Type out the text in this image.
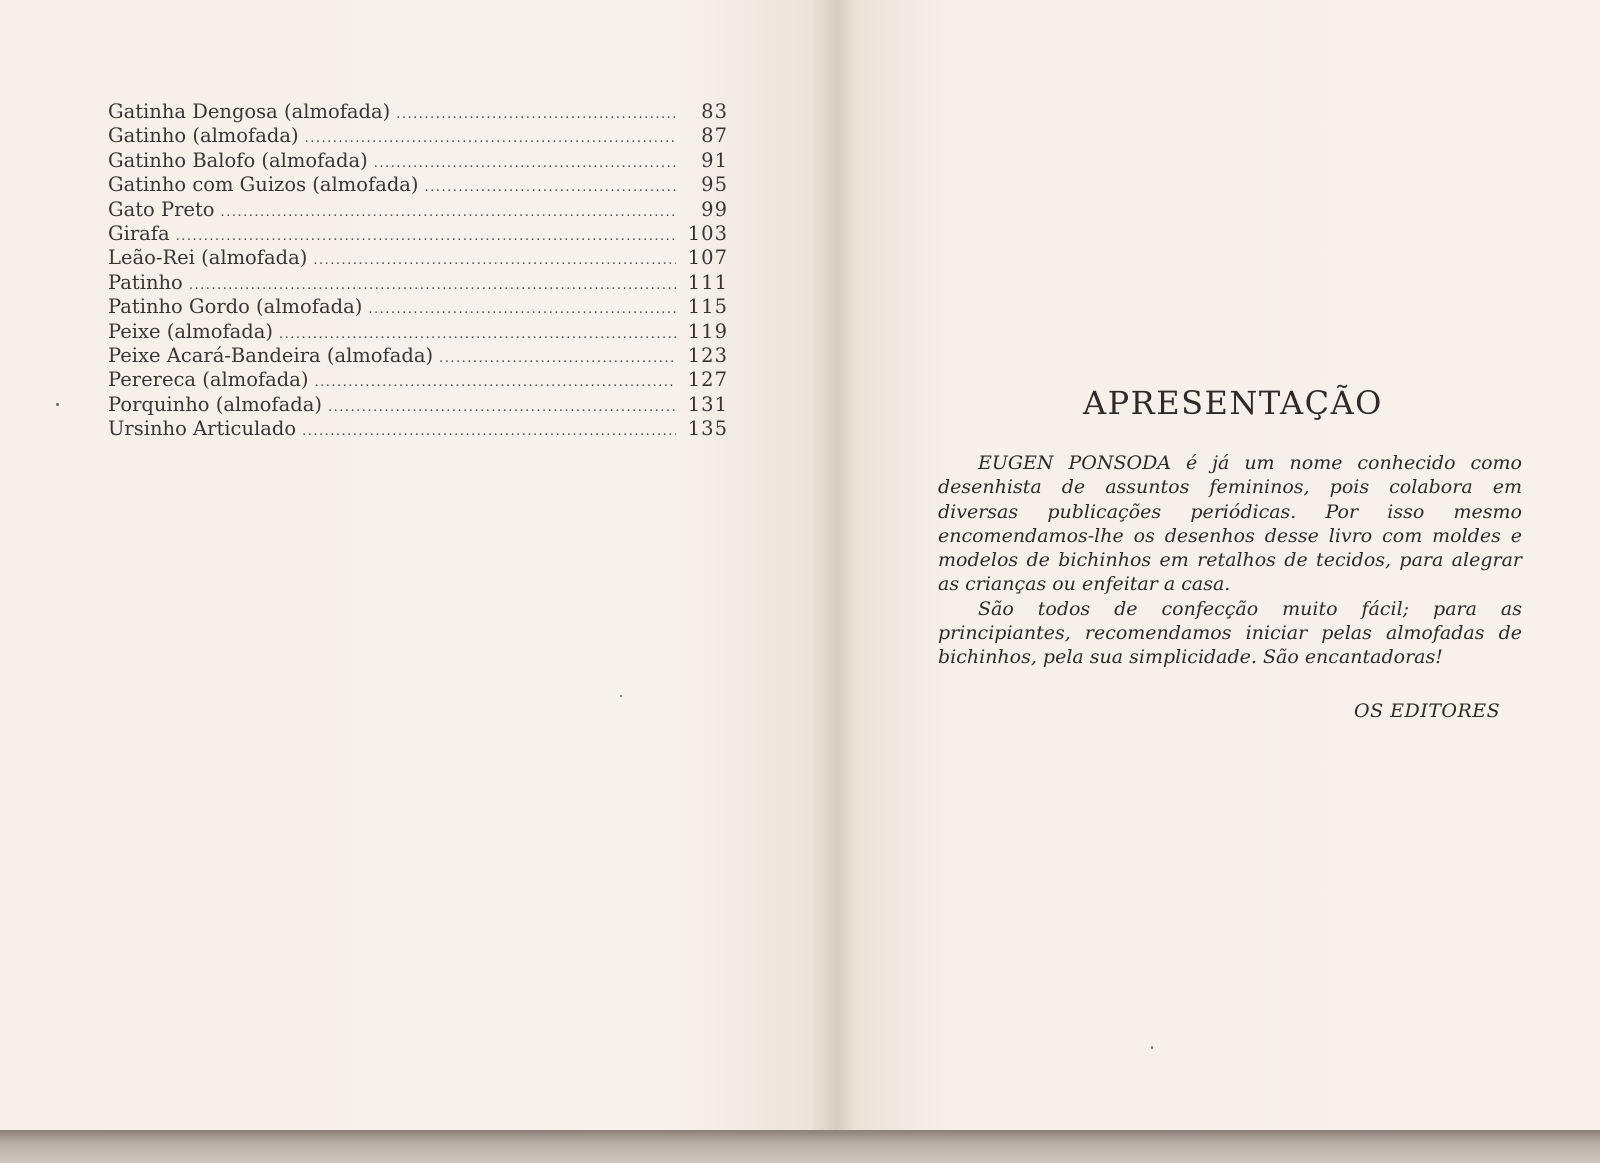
Gatinha Dengosa (almofada) .....	83
Gatinho (almofada) .....	87
Gatinho Balofo (almofada) .....	91
Gatinho com Guizos (almofada) .....	95
Gato Preto .....	99
Girafa .....	103
Leão-Rei (almofada) .....	107
Patinho .....	111
Patinho Gordo (almofada) .....	115
Peixe (almofada) .....	119
Peixe Acará-Bandeira (almofada) .....	123
Perereca (almofada) .....	127
Porquinho (almofada) .....	131
Ursinho Articulado .....	135
APRESENTAÇÃO

EUGEN PONSODA é já um nome conhecido como desenhista de assuntos femininos, pois colabora em diversas publicações periódicas. Por isso mesmo encomendamos-lhe os desenhos desse livro com moldes e modelos de bichinhos em retalhos de tecidos, para alegrar as crianças ou enfeitar a casa.

São todos de confecção muito fácil; para as principiantes, recomendamos iniciar pelas almofadas de bichinhos, pela sua simplicidade. São encantadoras!

OS EDITORES
